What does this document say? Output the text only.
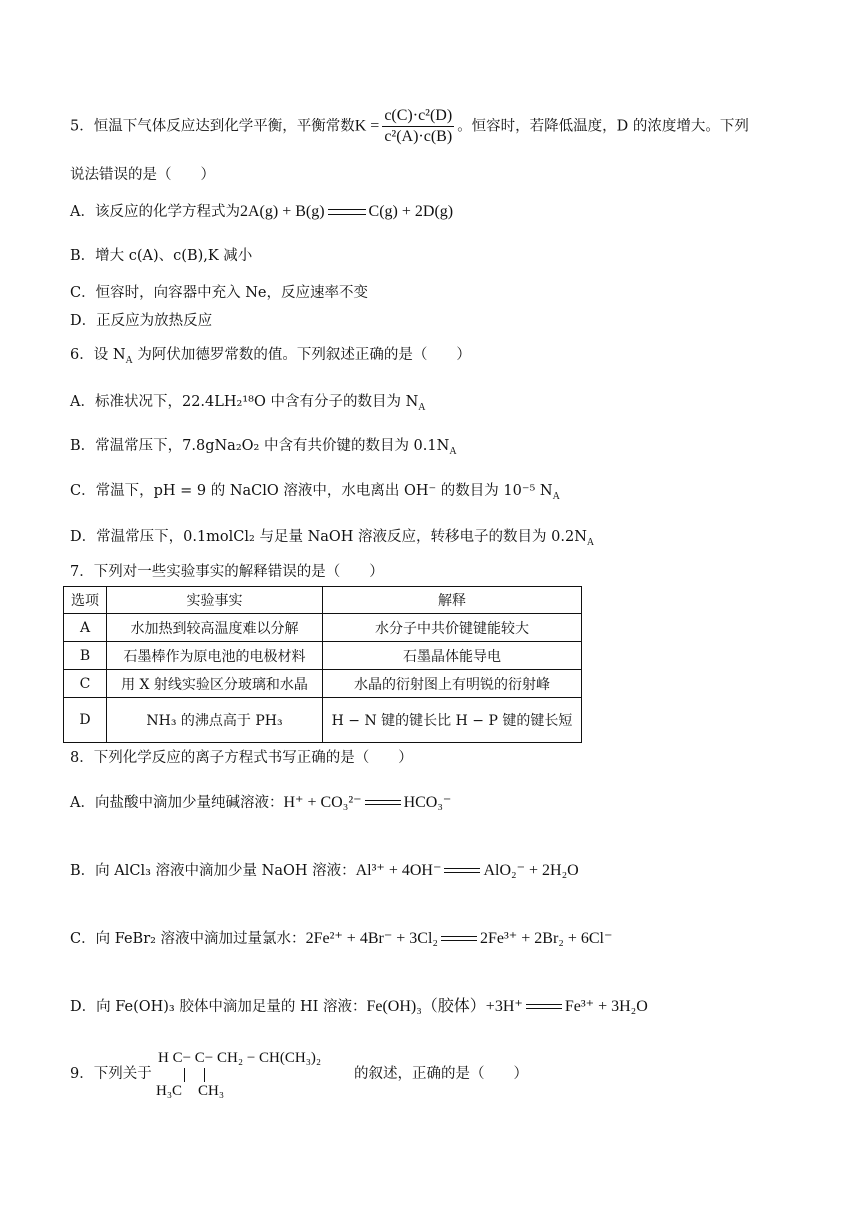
5．恒温下气体反应达到化学平衡，平衡常数$K = \frac{\text{c(C)·c²(D)}}{\text{c²(A)·c(B)}}$ 。恒容时，若降低温度，D 的浓度增大。下列
说法错误的是（　　）
A．该反应的化学方程式为2A(g) + B(g)	C(g) + 2D(g)
B．增大 c(A)、c(B),K 减小
C．恒容时，向容器中充入 Ne，反应速率不变
D．正反应为放热反应
6．设 $N_A$ 为阿伏加德罗常数的值。下列叙述正确的是（　　）
A．标准状况下，22.4LH₂¹⁸O 中含有分子的数目为 $N_A$
B．常温常压下，7.8gNa₂O₂ 中含有共价键的数目为 $0.1N_A$
C．常温下，pH = 9 的 NaClO 溶液中，水电离出 OH⁻ 的数目为 10⁻⁵ $N_A$
D．常温常压下，0.1molCl₂ 与足量 NaOH 溶液反应，转移电子的数目为 $0.2N_A$
7．下列对一些实验事实的解释错误的是（　　）
选项	实验事实	解释
A	水加热到较高温度难以分解	水分子中共价键键能较大
B	石墨棒作为原电池的电极材料	石墨晶体能导电
C	用 X 射线实验区分玻璃和水晶	水晶的衍射图上有明锐的衍射峰
D	NH₃ 的沸点高于 PH₃	H − N 键的键长比 H − P 键的键长短
8．下列化学反应的离子方程式书写正确的是（　　）
A．向盐酸中滴加少量纯碱溶液：H⁺ + CO₃²⁻	HCO₃⁻
B．向 AlCl₃ 溶液中滴加少量 NaOH 溶液：Al³⁺ + 4OH⁻	AlO₂⁻ + 2H₂O
C．向 FeBr₂ 溶液中滴加过量氯水：2Fe²⁺ + 4Br⁻ + 3Cl₂	2Fe³⁺ + 2Br₂ + 6Cl⁻
D．向 Fe(OH)₃ 胶体中滴加足量的 HI 溶液：Fe(OH)₃（胶体）+3H⁺	Fe³⁺ + 3H₂O
9．下列关于
H C− C− CH₂ − CH(CH₃)₂
H₃C CH₃
的叙述，正确的是（　　）
